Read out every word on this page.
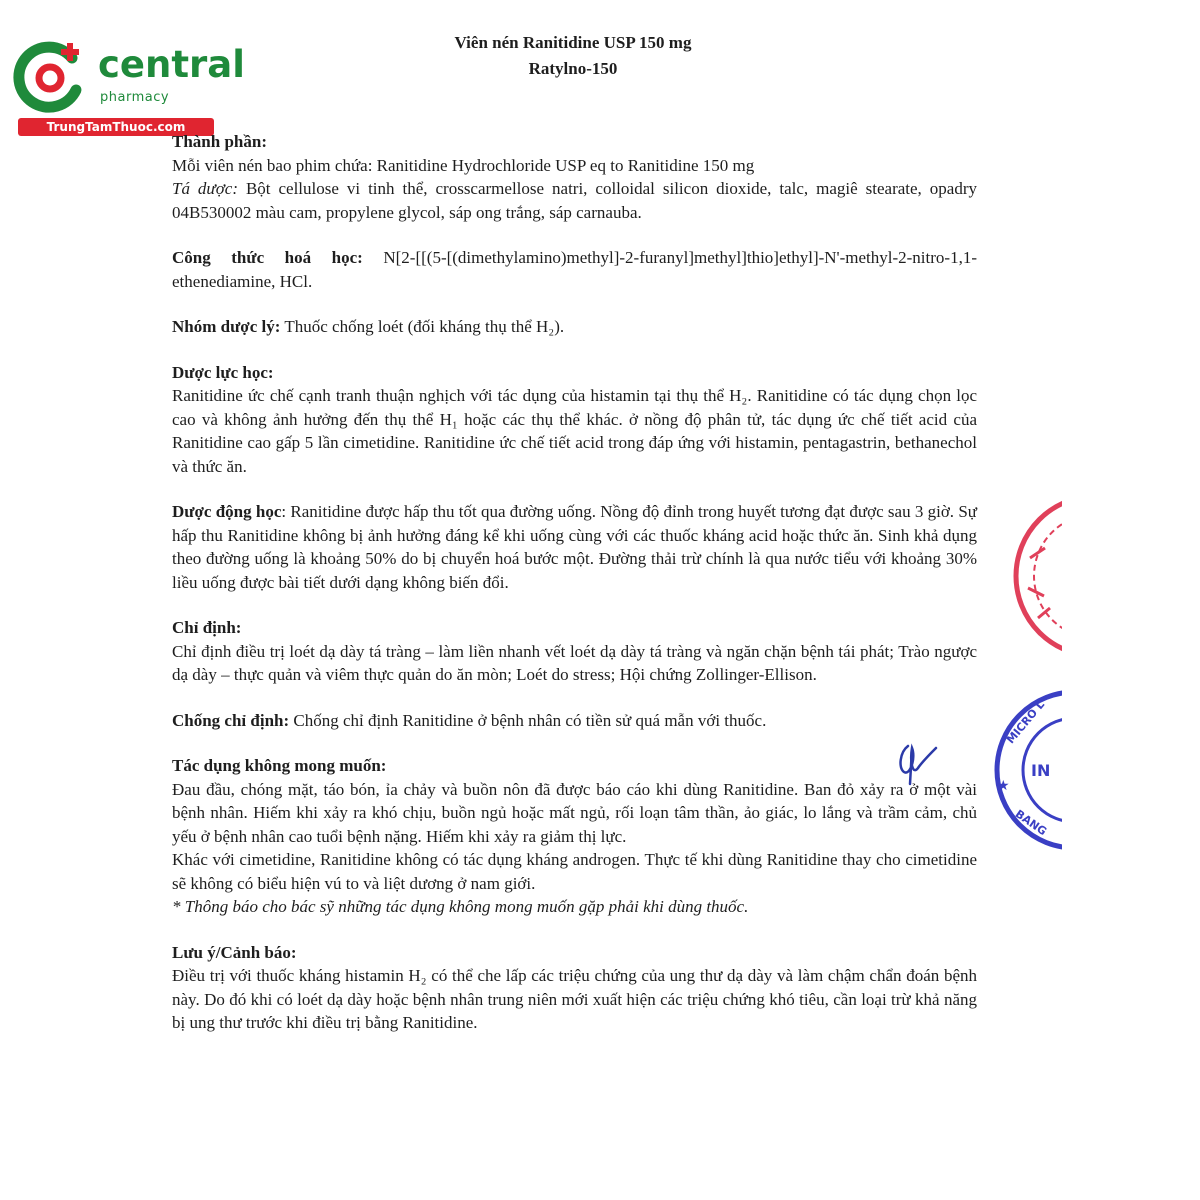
central
pharmacy
TrungTamThuoc.com
Viên nén Ranitidine USP 150 mg
Ratylno-150
Thành phần:

Mỗi viên nén bao phim chứa: Ranitidine Hydrochloride USP eq to Ranitidine 150 mg

Tá dược: Bột cellulose vi tinh thể, crosscarmellose natri, colloidal silicon dioxide, talc, magiê stearate, opadry 04B530002 màu cam, propylene glycol, sáp ong trắng, sáp carnauba.

Công thức hoá học: N[2-[[(5-[(dimethylamino)methyl]-2-furanyl]methyl]thio]ethyl]-N'-methyl-2-nitro-1,1-ethenediamine, HCl.

Nhóm dược lý: Thuốc chống loét (đối kháng thụ thể H₂).

Dược lực học:

Ranitidine ức chế cạnh tranh thuận nghịch với tác dụng của histamin tại thụ thể H₂. Ranitidine có tác dụng chọn lọc cao và không ảnh hưởng đến thụ thể H₁ hoặc các thụ thể khác. ở nồng độ phân tử, tác dụng ức chế tiết acid của Ranitidine cao gấp 5 lần cimetidine. Ranitidine ức chế tiết acid trong đáp ứng với histamin, pentagastrin, bethanechol và thức ăn.

Dược động học: Ranitidine được hấp thu tốt qua đường uống. Nồng độ đỉnh trong huyết tương đạt được sau 3 giờ. Sự hấp thu Ranitidine không bị ảnh hưởng đáng kể khi uống cùng với các thuốc kháng acid hoặc thức ăn. Sinh khả dụng theo đường uống là khoảng 50% do bị chuyển hoá bước một. Đường thải trừ chính là qua nước tiểu với khoảng 30% liều uống được bài tiết dưới dạng không biến đổi.

Chỉ định:

Chỉ định điều trị loét dạ dày tá tràng – làm liền nhanh vết loét dạ dày tá tràng và ngăn chặn bệnh tái phát; Trào ngược dạ dày – thực quản và viêm thực quản do ăn mòn; Loét do stress; Hội chứng Zollinger-Ellison.

Chống chỉ định: Chống chỉ định Ranitidine ở bệnh nhân có tiền sử quá mẫn với thuốc.

Tác dụng không mong muốn:

Đau đầu, chóng mặt, táo bón, ỉa chảy và buồn nôn đã được báo cáo khi dùng Ranitidine. Ban đỏ xảy ra ở một vài bệnh nhân. Hiếm khi xảy ra khó chịu, buồn ngủ hoặc mất ngủ, rối loạn tâm thần, ảo giác, lo lắng và trầm cảm, chủ yếu ở bệnh nhân cao tuổi bệnh nặng. Hiếm khi xảy ra giảm thị lực.

Khác với cimetidine, Ranitidine không có tác dụng kháng androgen. Thực tế khi dùng Ranitidine thay cho cimetidine sẽ không có biểu hiện vú to và liệt dương ở nam giới.

* Thông báo cho bác sỹ những tác dụng không mong muốn gặp phải khi dùng thuốc.

Lưu ý/Cảnh báo:

Điều trị với thuốc kháng histamin H₂ có thể che lấp các triệu chứng của ung thư dạ dày và làm chậm chẩn đoán bệnh này. Do đó khi có loét dạ dày hoặc bệnh nhân trung niên mới xuất hiện các triệu chứng khó tiêu, cần loại trừ khả năng bị ung thư trước khi điều trị bằng Ranitidine.

MICRO L
IN
BANG
★
